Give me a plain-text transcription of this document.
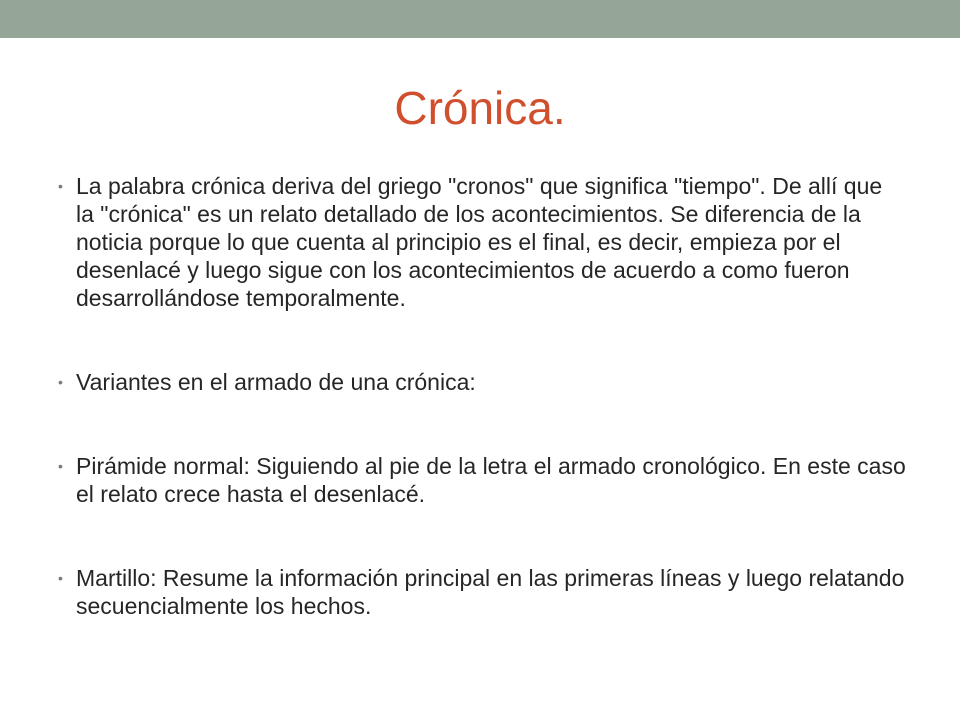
Crónica.
• La palabra crónica deriva del griego "cronos" que significa "tiempo". De allí que la "crónica" es un relato detallado de los acontecimientos. Se diferencia de la noticia porque lo que cuenta al principio es el final, es decir, empieza por el desenlacé y luego sigue con los acontecimientos de acuerdo a como fueron desarrollándose temporalmente.
• Variantes en el armado de una crónica:
• Pirámide normal: Siguiendo al pie de la letra el armado cronológico. En este caso el relato crece hasta el desenlacé.
• Martillo: Resume la información principal en las primeras líneas y luego relatando secuencialmente los hechos.
